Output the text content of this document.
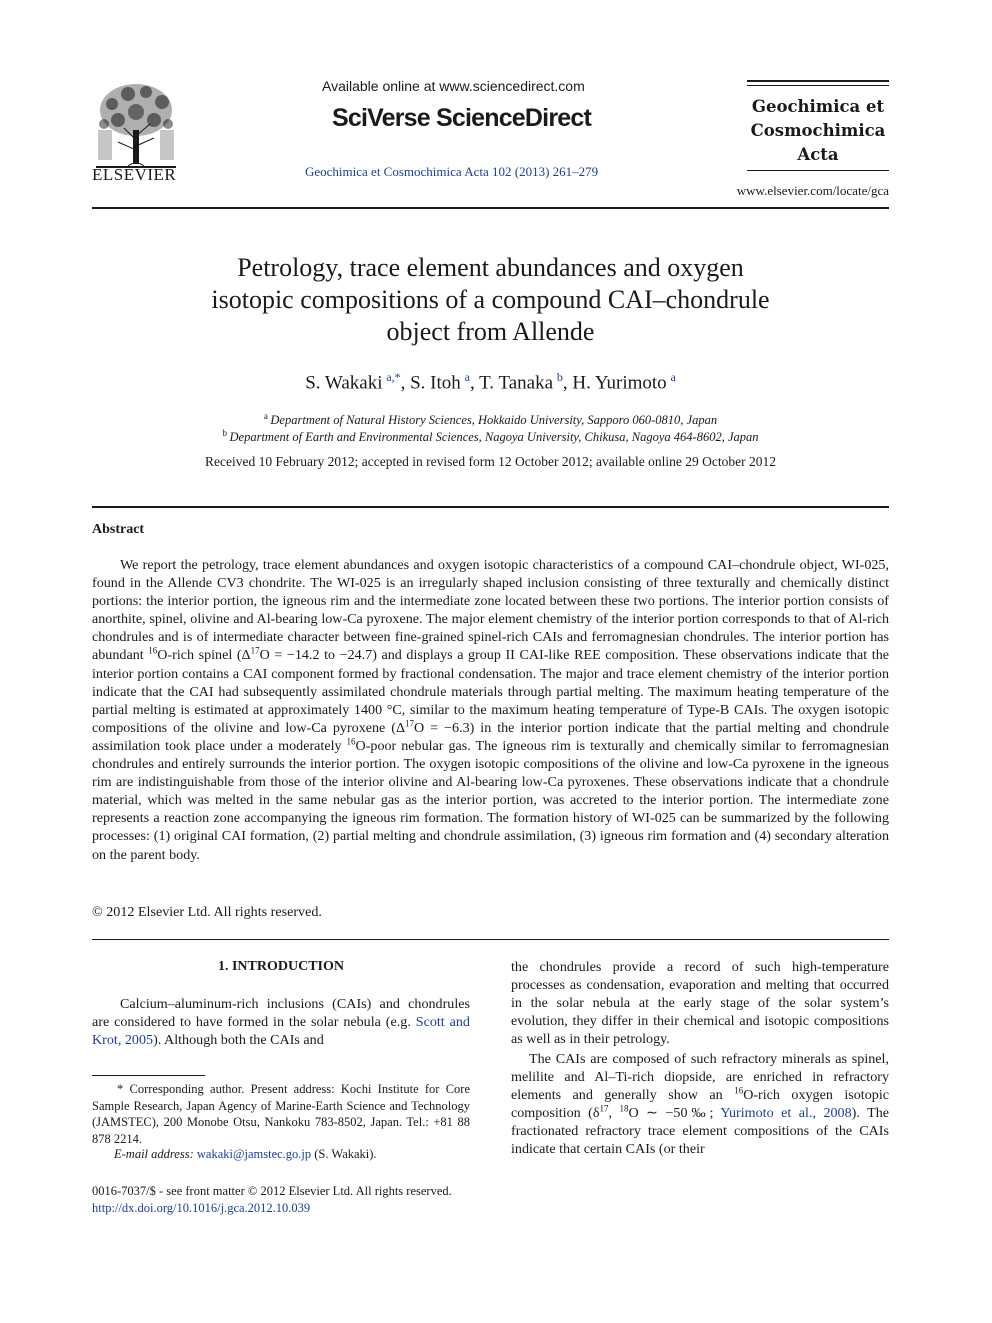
ELSEVIER
Available online at www.sciencedirect.com
SciVerse ScienceDirect
Geochimica et Cosmochimica Acta 102 (2013) 261–279
Geochimica et
Cosmochimica
Acta
www.elsevier.com/locate/gca
Petrology, trace element abundances and oxygen
isotopic compositions of a compound CAI–chondrule
object from Allende
S. Wakaki  $^{a,*}$, S. Itoh  $^a$, T. Tanaka  $^b$, H. Yurimoto  $^a$
$^a$  Department of Natural History Sciences, Hokkaido University, Sapporo 060-0810, Japan
$^b$  Department of Earth and Environmental Sciences, Nagoya University, Chikusa, Nagoya 464-8602, Japan
Received 10 February 2012; accepted in revised form 12 October 2012; available online 29 October 2012
Abstract

We report the petrology, trace element abundances and oxygen isotopic characteristics of a compound CAI–chondrule object, WI-025, found in the Allende CV3 chondrite. The WI-025 is an irregularly shaped inclusion consisting of three texturally and chemically distinct portions: the interior portion, the igneous rim and the intermediate zone located between these two portions. The interior portion consists of anorthite, spinel, olivine and Al-bearing low-Ca pyroxene. The major element chemistry of the interior portion corresponds to that of Al-rich chondrules and is of intermediate character between fine-grained spinel-rich CAIs and ferromagnesian chondrules. The interior portion has abundant $^{16}$O-rich spinel ($\Delta^{17}O = -14.2$ to −24.7) and displays a group II CAI-like REE composition. These observations indicate that the interior portion contains a CAI component formed by fractional condensation. The major and trace element chemistry of the interior portion indicate that the CAI had subsequently assimilated chondrule materials through partial melting. The maximum heating temperature of the partial melting is estimated at approximately 1400 °C, similar to the maximum heating temperature of Type-B CAIs. The oxygen isotopic compositions of the olivine and low-Ca pyroxene $(\Delta^{17}O = -6.3)$ in the interior portion indicate that the partial melting and chondrule assimilation took place under a moderately $^{16}$O-poor nebular gas. The igneous rim is texturally and chemically similar to ferromagnesian chondrules and entirely surrounds the interior portion. The oxygen isotopic compositions of the olivine and low-Ca pyroxene in the igneous rim are indistinguishable from those of the interior olivine and Al-bearing low-Ca pyroxenes. These observations indicate that a chondrule material, which was melted in the same nebular gas as the interior portion, was accreted to the interior portion. The intermediate zone represents a reaction zone accompanying the igneous rim formation. The formation history of WI-025 can be summarized by the following processes: (1) original CAI formation, (2) partial melting and chondrule assimilation, (3) igneous rim formation and (4) secondary alteration on the parent body.

© 2012 Elsevier Ltd. All rights reserved.
1. INTRODUCTION

Calcium–aluminum-rich inclusions (CAIs) and chondrules are considered to have formed in the solar nebula (e.g. Scott and Krot, 2005). Although both the CAIs and

* Corresponding author. Present address: Kochi Institute for Core Sample Research, Japan Agency of Marine-Earth Science and Technology (JAMSTEC), 200 Monobe Otsu, Nankoku 783-8502, Japan. Tel.: +81 88 878 2214.

E-mail address: wakaki@jamstec.go.jp (S. Wakaki).
0016-7037/$ - see front matter © 2012 Elsevier Ltd. All rights reserved.
http://dx.doi.org/10.1016/j.gca.2012.10.039

the chondrules provide a record of such high-temperature processes as condensation, evaporation and melting that occurred in the solar nebula at the early stage of the solar system’s evolution, they differ in their chemical and isotopic compositions as well as in their petrology.

The CAIs are composed of such refractory minerals as spinel, melilite and Al–Ti-rich diopside, are enriched in refractory elements and generally show an $^{16}$O-rich oxygen isotopic composition ($\delta^{17}$, $^{18}$O ∼ −50‰; Yurimoto et al., 2008). The fractionated refractory trace element compositions of the CAIs indicate that certain CAIs (or their
